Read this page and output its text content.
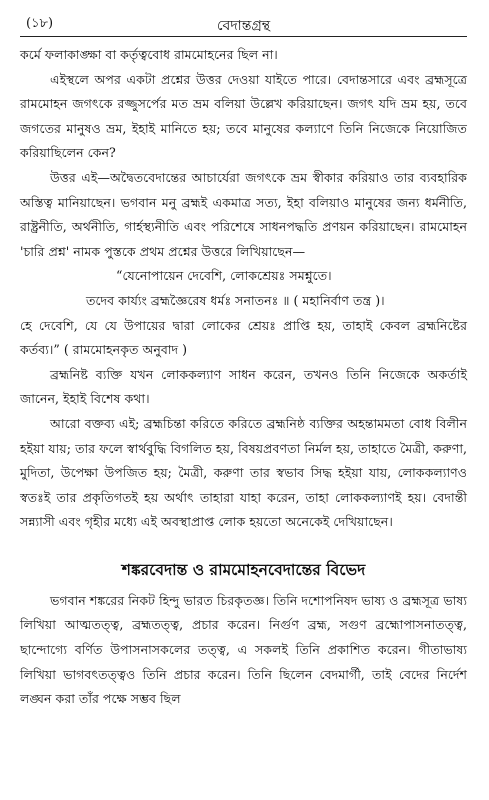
(১৮)	বেদান্তগ্রন্থ

কর্মে ফলাকাঙ্ক্ষা বা কর্তৃত্ববোধ রামমোহনের ছিল না।

এইস্থলে অপর একটা প্রশ্নের উত্তর দেওয়া যাইতে পারে। বেদান্তসারে এবং ব্রহ্মসূত্রে রামমোহন জগৎকে রজ্জুসর্পের মত ভ্রম বলিয়া উল্লেখ করিয়াছেন। জগৎ যদি ভ্রম হয়, তবে জগতের মানুষও ভ্রম, ইহাই মানিতে হয়; তবে মানুষের কল্যাণে তিনি নিজেকে নিয়োজিত করিয়াছিলেন কেন?

উত্তর এই—অদ্বৈতবেদান্তের আচার্যেরা জগৎকে ভ্রম স্বীকার করিয়াও তার ব্যবহারিক অস্তিত্ব মানিয়াছেন। ভগবান মনু ব্রহ্মই একমাত্র সত্য, ইহা বলিয়াও মানুষের জন্য ধর্মনীতি, রাষ্ট্রনীতি, অর্থনীতি, গার্হস্থ্যনীতি এবং পরিশেষে সাধনপদ্ধতি প্রণয়ন করিয়াছেন। রামমোহন 'চারি প্রশ্ন' নামক পুস্তকে প্রথম প্রশ্নের উত্তরে লিখিয়াছেন—

“যেনোপায়েন দেবেশি, লোকশ্রেয়ঃ সমশ্নুতে।

তদেব কার্য্যং ব্রহ্মজ্ঞৈরেষ ধর্মঃ সনাতনঃ ॥ ( মহানির্বাণ তন্ত্র )।

হে দেবেশি, যে যে উপায়ের দ্বারা লোকের শ্রেয়ঃ প্রাপ্তি হয়, তাহাই কেবল ব্রহ্মনিষ্টের কর্তব্য।” ( রামমোহনকৃত অনুবাদ )

ব্রহ্মনিষ্ট ব্যক্তি যখন লোককল্যাণ সাধন করেন, তখনও তিনি নিজেকে অকর্তাই জানেন, ইহাই বিশেষ কথা।

আরো বক্তব্য এই; ব্রহ্মচিন্তা করিতে করিতে ব্রহ্মনিষ্ঠ ব্যক্তির অহন্তামমতা বোধ বিলীন হইয়া যায়; তার ফলে স্বার্থবুদ্ধি বিগলিত হয়, বিষয়প্রবণতা নির্মল হয়, তাহাতে মৈত্রী, করুণা, মুদিতা, উপেক্ষা উপজিত হয়; মৈত্রী, করুণা তার স্বভাব সিদ্ধ হইয়া যায়, লোককল্যাণও স্বতঃই তার প্রকৃতিগতই হয় অর্থাৎ তাহারা যাহা করেন, তাহা লোককল্যাণই হয়। বেদান্তী সন্ন্যাসী এবং গৃহীর মধ্যে এই অবস্থাপ্রাপ্ত লোক হয়তো অনেকেই দেখিয়াছেন।

শঙ্করবেদান্ত ও রামমোহনবেদান্তের বিভেদ

ভগবান শঙ্করের নিকট হিন্দু ভারত চিরকৃতজ্ঞ। তিনি দশোপনিষদ ভাষ্য ও ব্রহ্মসূত্র ভাষ্য লিখিয়া আত্মতত্ত্ব, ব্রহ্মতত্ত্ব, প্রচার করেন। নির্গুণ ব্রহ্ম, সগুণ ব্রহ্মোপাসনাতত্ত্ব, ছান্দোগ্যে বর্ণিত উপাসনাসকলের তত্ত্ব, এ সকলই তিনি প্রকাশিত করেন। গীতাভাষ্য লিখিয়া ভাগবৎতত্ত্বও তিনি প্রচার করেন। তিনি ছিলেন বেদমার্গী, তাই বেদের নির্দেশ লঙ্ঘন করা তাঁর পক্ষে সম্ভব ছিল
